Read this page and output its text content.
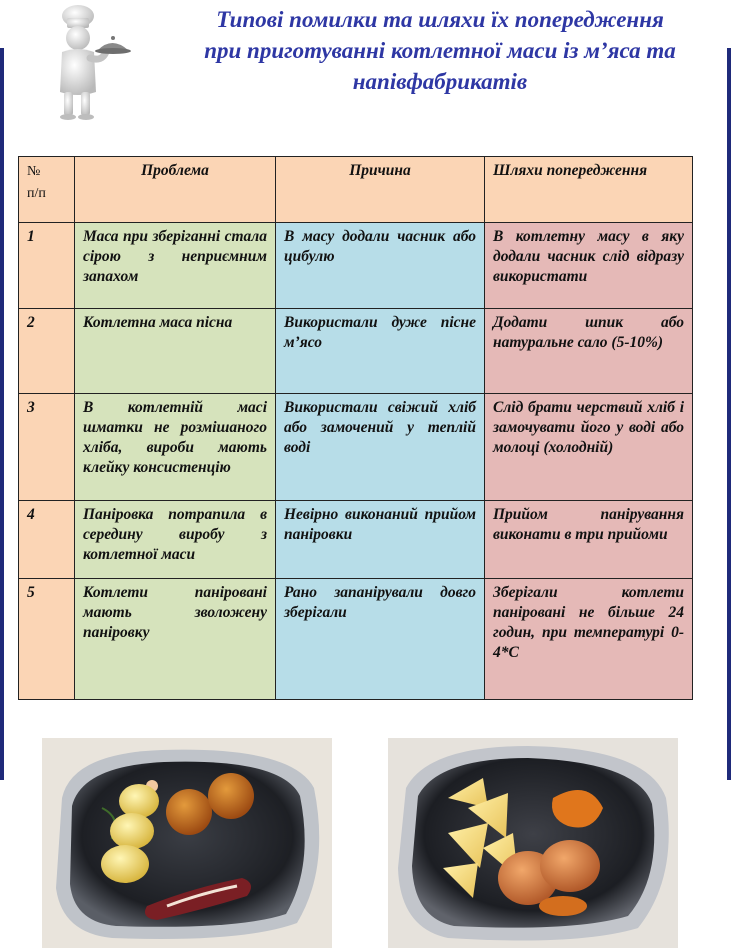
Типові помилки та шляхи їх попередження
при приготуванні котлетної маси із м’яса та
напівфабрикатів
№
п/п	Проблема	Причина	Шляхи попередження
1	Маса при зберіганні стала сірою з неприємним запахом	В масу додали часник або цибулю	В котлетну масу в яку додали часник слід відразу використати
2	Котлетна маса пісна	Використали дуже пісне м’ясо	Додати шпик або натуральне сало (5-10%)
3	В котлетній масі шматки не розмішаного хліба, вироби мають клейку консистенцію	Використали свіжий хліб або замочений у теплій воді	Слід брати черствий хліб і замочувати його у воді або молоці (холодній)
4	Паніровка потрапила в середину виробу з котлетної маси	Невірно виконаний прийом паніровки	Прийом панірування виконати в три прийоми
5	Котлети панірованi мають зволожену паніровку	Рано запанірували довго зберігали	Зберігали котлети паніровані не більше 24 годин, при температурі 0-4*С
